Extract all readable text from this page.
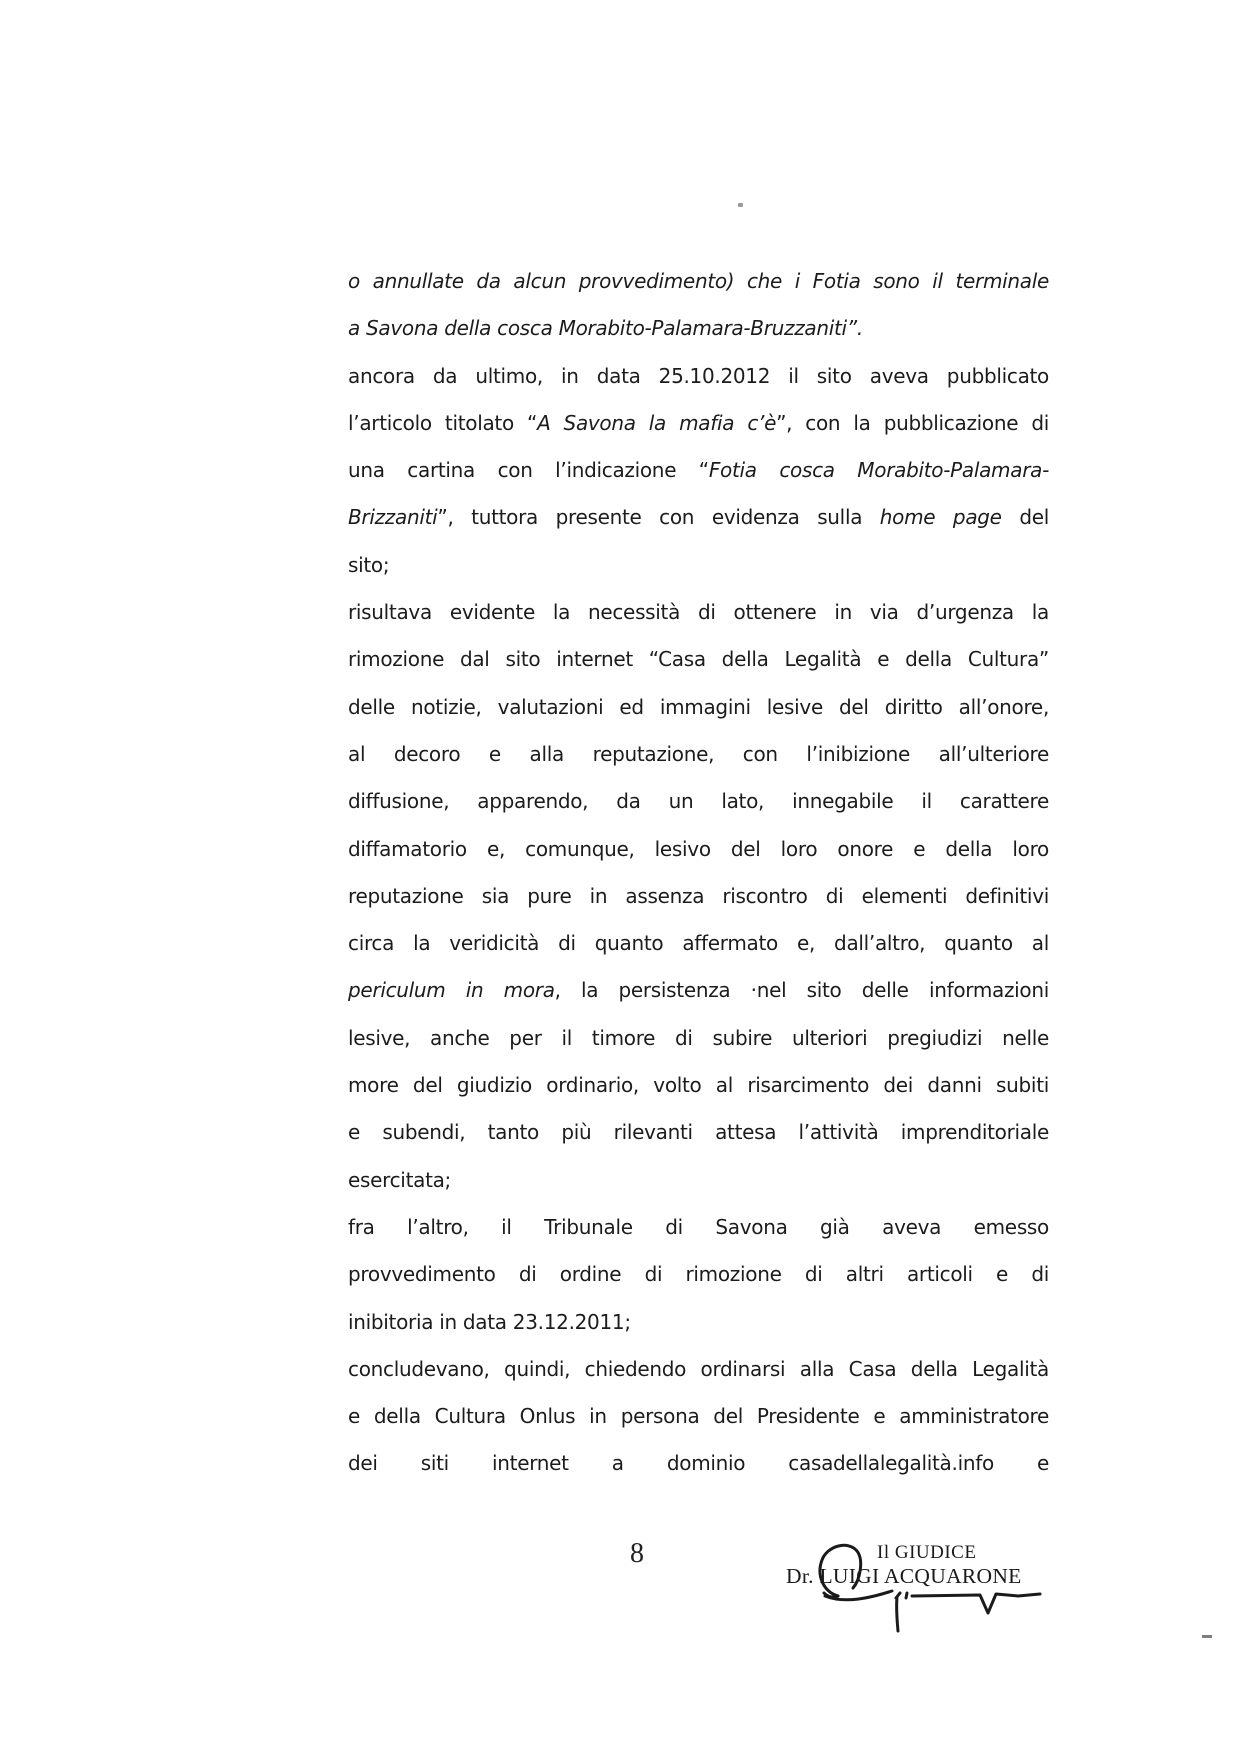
o annullate da alcun provvedimento) che i Fotia sono il terminale
a Savona della cosca Morabito-Palamara-Bruzzaniti”.
ancora da ultimo, in data 25.10.2012 il sito aveva pubblicato
l’articolo titolato “A Savona la mafia c’è”, con la pubblicazione di
una cartina con l’indicazione “Fotia cosca Morabito-Palamara-
Brizzaniti”, tuttora presente con evidenza sulla home page del
sito;
risultava evidente la necessità di ottenere in via d’urgenza la
rimozione dal sito internet “Casa della Legalità e della Cultura”
delle notizie, valutazioni ed immagini lesive del diritto all’onore,
al decoro e alla reputazione, con l’inibizione all’ulteriore
diffusione, apparendo, da un lato, innegabile il carattere
diffamatorio e, comunque, lesivo del loro onore e della loro
reputazione sia pure in assenza riscontro di elementi definitivi
circa la veridicità di quanto affermato e, dall’altro, quanto al
periculum in mora, la persistenza ·nel sito delle informazioni
lesive, anche per il timore di subire ulteriori pregiudizi nelle
more del giudizio ordinario, volto al risarcimento dei danni subiti
e subendi, tanto più rilevanti attesa l’attività imprenditoriale
esercitata;
fra l’altro, il Tribunale di Savona già aveva emesso
provvedimento di ordine di rimozione di altri articoli e di
inibitoria in data 23.12.2011;
concludevano, quindi, chiedendo ordinarsi alla Casa della Legalità
e della Cultura Onlus in persona del Presidente e amministratore
dei siti internet a dominio casadellalegalità.info e
8	Il GIUDICE
Dr. LUIGI ACQUARONE
